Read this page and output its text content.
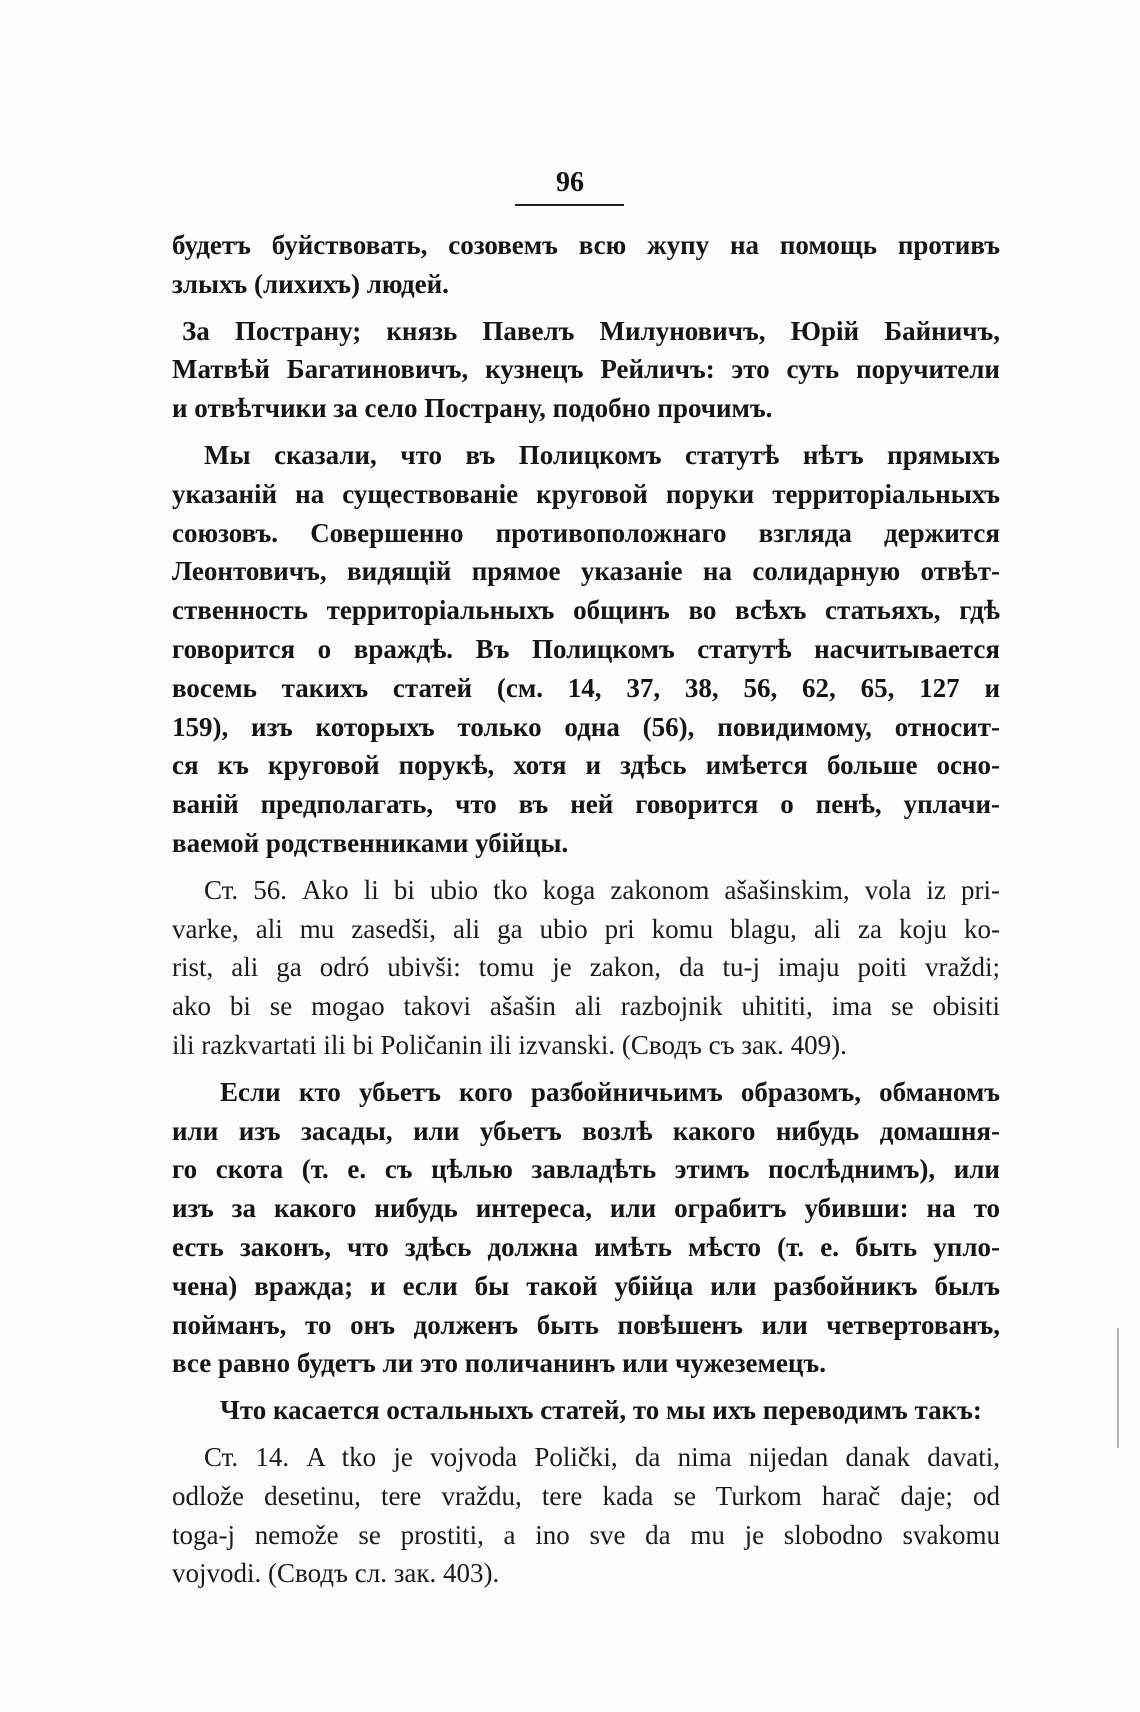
96
будетъ буйствовать, созовемъ всю жупу на помощь противъ
злыхъ (лихихъ) людей.
За Пострану; князь Павелъ Милуновичъ, Юрiй Байничъ,
Матвѣй Багатиновичъ, кузнецъ Рейличъ: это суть поручители
и отвѣтчики за село Пострану, подобно прочимъ.
Мы сказали, что въ Полицкомъ статутѣ нѣтъ прямыхъ
указанiй на существованiе круговой поруки территорiальныхъ
союзовъ. Совершенно противоположнаго взгляда держится
Леонтовичъ, видящiй прямое указанiе на солидарную отвѣт-
ственность территорiальныхъ общинъ во всѣхъ статьяхъ, гдѣ
говорится о враждѣ. Въ Полицкомъ статутѣ насчитывается
восемь такихъ статей (см. 14, 37, 38, 56, 62, 65, 127 и
159), изъ которыхъ только одна (56), повидимому, относит-
ся къ круговой порукѣ, хотя и здѣсь имѣется больше осно-
ванiй предполагать, что въ ней говорится о пенѣ, уплачи-
ваемой родственниками убiйцы.
Ст. 56. Ako li bi ubio tko koga zakonom ašašinskim, vola iz pri-
varke, ali mu zasedši, ali ga ubio pri komu blagu, ali za koju ko-
rist, ali ga odró ubivši: tomu je zakon, da tu-j imaju poiti vraždi;
ako bi se mogao takovi ašašin ali razbojnik uhititi, ima se obisiti
ili razkvartati ili bi Poličanin ili izvanski. (Сводъ съ зак. 409).
Если кто убьетъ кого разбойничьимъ образомъ, обманомъ
или изъ засады, или убьетъ возлѣ какого нибудь домашня-
го скота (т. е. съ цѣлью завладѣть этимъ послѣднимъ), или
изъ за какого нибудь интереса, или ограбитъ убивши: на то
есть законъ, что здѣсь должна имѣть мѣсто (т. е. быть упло-
чена) вражда; и если бы такой убiйца или разбойникъ былъ
пойманъ, то онъ долженъ быть повѣшенъ или четвертованъ,
все равно будетъ ли это поличанинъ или чужеземецъ.
Что касается остальныхъ статей, то мы ихъ переводимъ такъ:
Ст. 14. A tko je vojvoda Polički, da nima nijedan danak davati,
odlože desetinu, tere vraždu, tere kada se Turkom harač daje; od
toga-j nemože se prostiti, a ino sve da mu je slobodno svakomu
vojvodi. (Сводъ сл. зак. 403).
